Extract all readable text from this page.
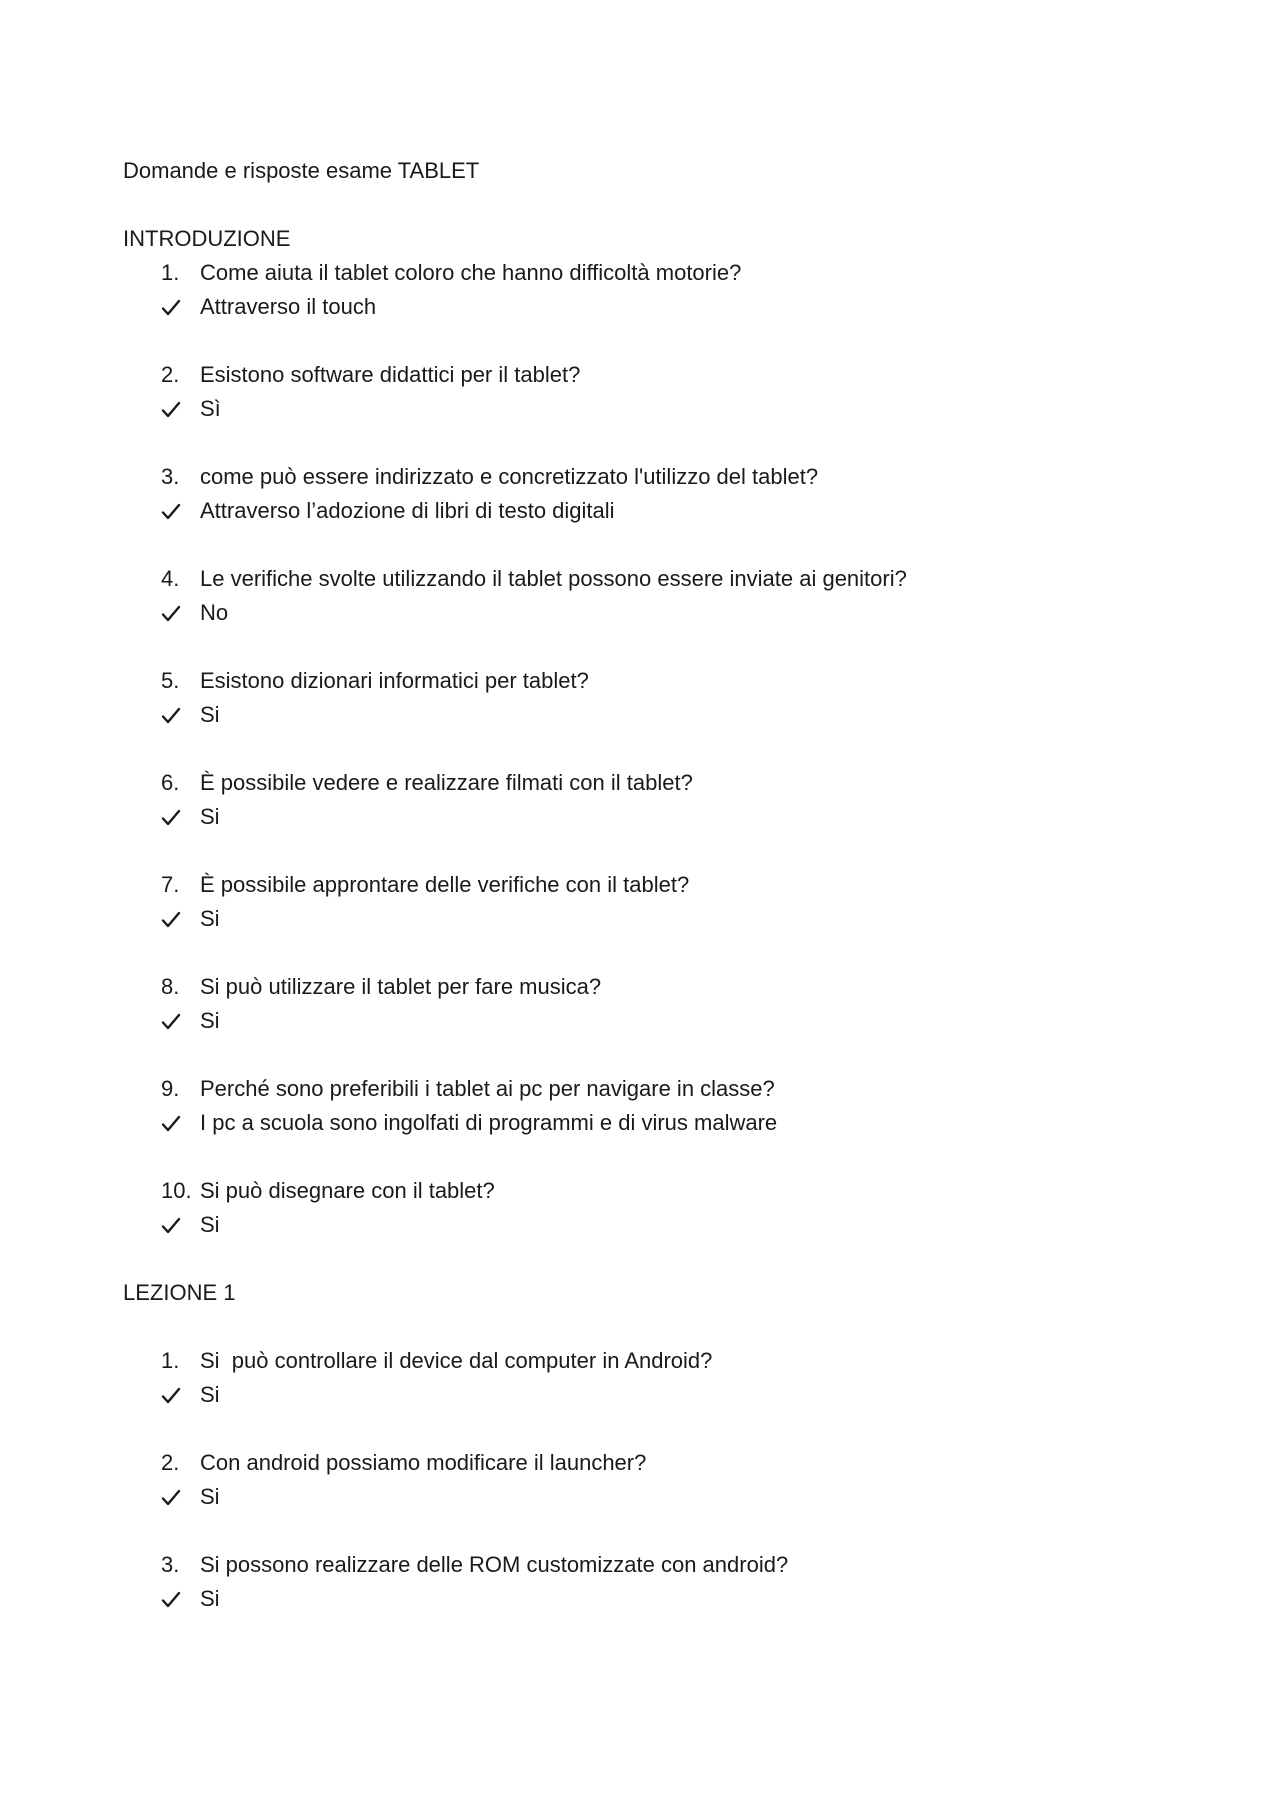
Domande e risposte esame TABLET
INTRODUZIONE
1. Come aiuta il tablet coloro che hanno difficoltà motorie?
Attraverso il touch
2. Esistono software didattici per il tablet?
Sì
3. come può essere indirizzato e concretizzato l'utilizzo del tablet?
Attraverso l’adozione di libri di testo digitali
4. Le verifiche svolte utilizzando il tablet possono essere inviate ai genitori?
No
5. Esistono dizionari informatici per tablet?
Si
6. È possibile vedere e realizzare filmati con il tablet?
Si
7. È possibile approntare delle verifiche con il tablet?
Si
8. Si può utilizzare il tablet per fare musica?
Si
9. Perché sono preferibili i tablet ai pc per navigare in classe?
I pc a scuola sono ingolfati di programmi e di virus malware
10. Si può disegnare con il tablet?
Si
LEZIONE 1
1. Si  può controllare il device dal computer in Android?
Si
2. Con android possiamo modificare il launcher?
Si
3. Si possono realizzare delle ROM customizzate con android?
Si
